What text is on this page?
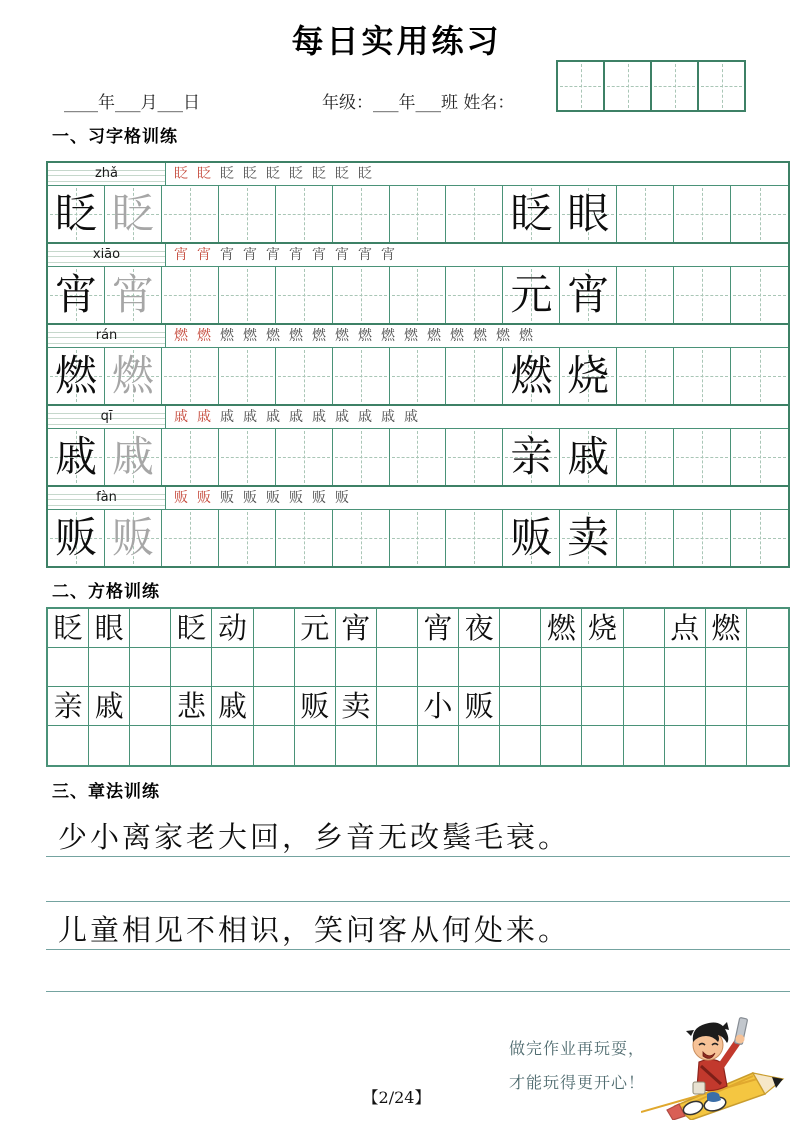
每日实用练习
____年___月___日	年级：___年___班 姓名：
一、习字格训练
zhǎ	眨 眨 眨 眨 眨 眨 眨 眨 眨
眨 眨	眨 眼
xiāo	宵 宵 宵 宵 宵 宵 宵 宵 宵 宵
宵 宵	元 宵
rán	燃 燃 燃 燃 燃 燃 燃 燃 燃 燃 燃 燃 燃 燃 燃 燃
燃 燃	燃 烧
qī	戚 戚 戚 戚 戚 戚 戚 戚 戚 戚 戚
戚 戚	亲 戚
fàn	贩 贩 贩 贩 贩 贩 贩 贩
贩 贩	贩 卖
二、方格训练
眨 眼 眨 动 元 宵 宵 夜 燃 烧 点 燃
亲 戚 悲 戚 贩 卖 小 贩
三、章法训练
少小离家老大回，乡音无改鬓毛衰。
儿童相见不相识，笑问客从何处来。
【2/24】
做完作业再玩耍，
才能玩得更开心！
